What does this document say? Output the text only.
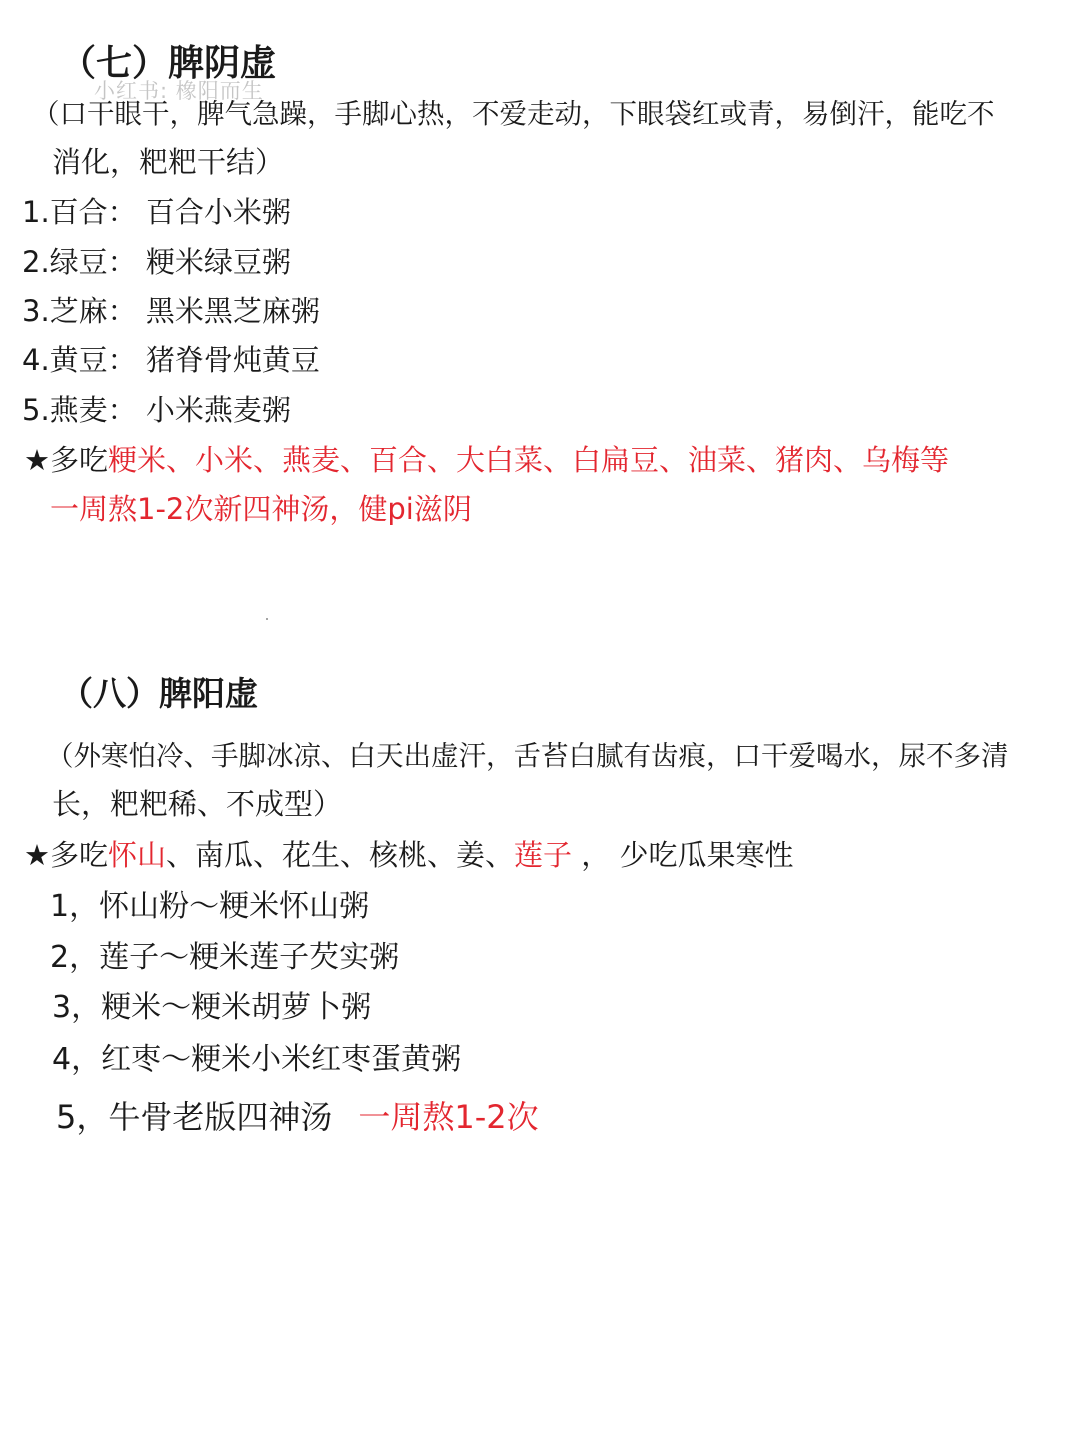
（七）脾阴虚
小红书: 橡阳而生
（口干眼干，脾气急躁，手脚心热，不爱走动，下眼袋红或青，易倒汗，能吃不
消化，粑粑干结）
1.百合： 百合小米粥
2.绿豆： 粳米绿豆粥
3.芝麻： 黑米黑芝麻粥
4.黄豆： 猪脊骨炖黄豆
5.燕麦： 小米燕麦粥
★多吃粳米、小米、燕麦、百合、大白菜、白扁豆、油菜、猪肉、乌梅等
一周熬1-2次新四神汤，健pi滋阴
（八）脾阳虚
（外寒怕冷、手脚冰凉、白天出虚汗，舌苔白腻有齿痕，口干爱喝水，尿不多清
长，粑粑稀、不成型）
★多吃怀山、南瓜、花生、核桃、姜、莲子 ， 少吃瓜果寒性
1，怀山粉～粳米怀山粥
2，莲子～粳米莲子芡实粥
3，粳米～粳米胡萝卜粥
4，红枣～粳米小米红枣蛋黄粥
5，牛骨老版四神汤 一周熬1-2次
